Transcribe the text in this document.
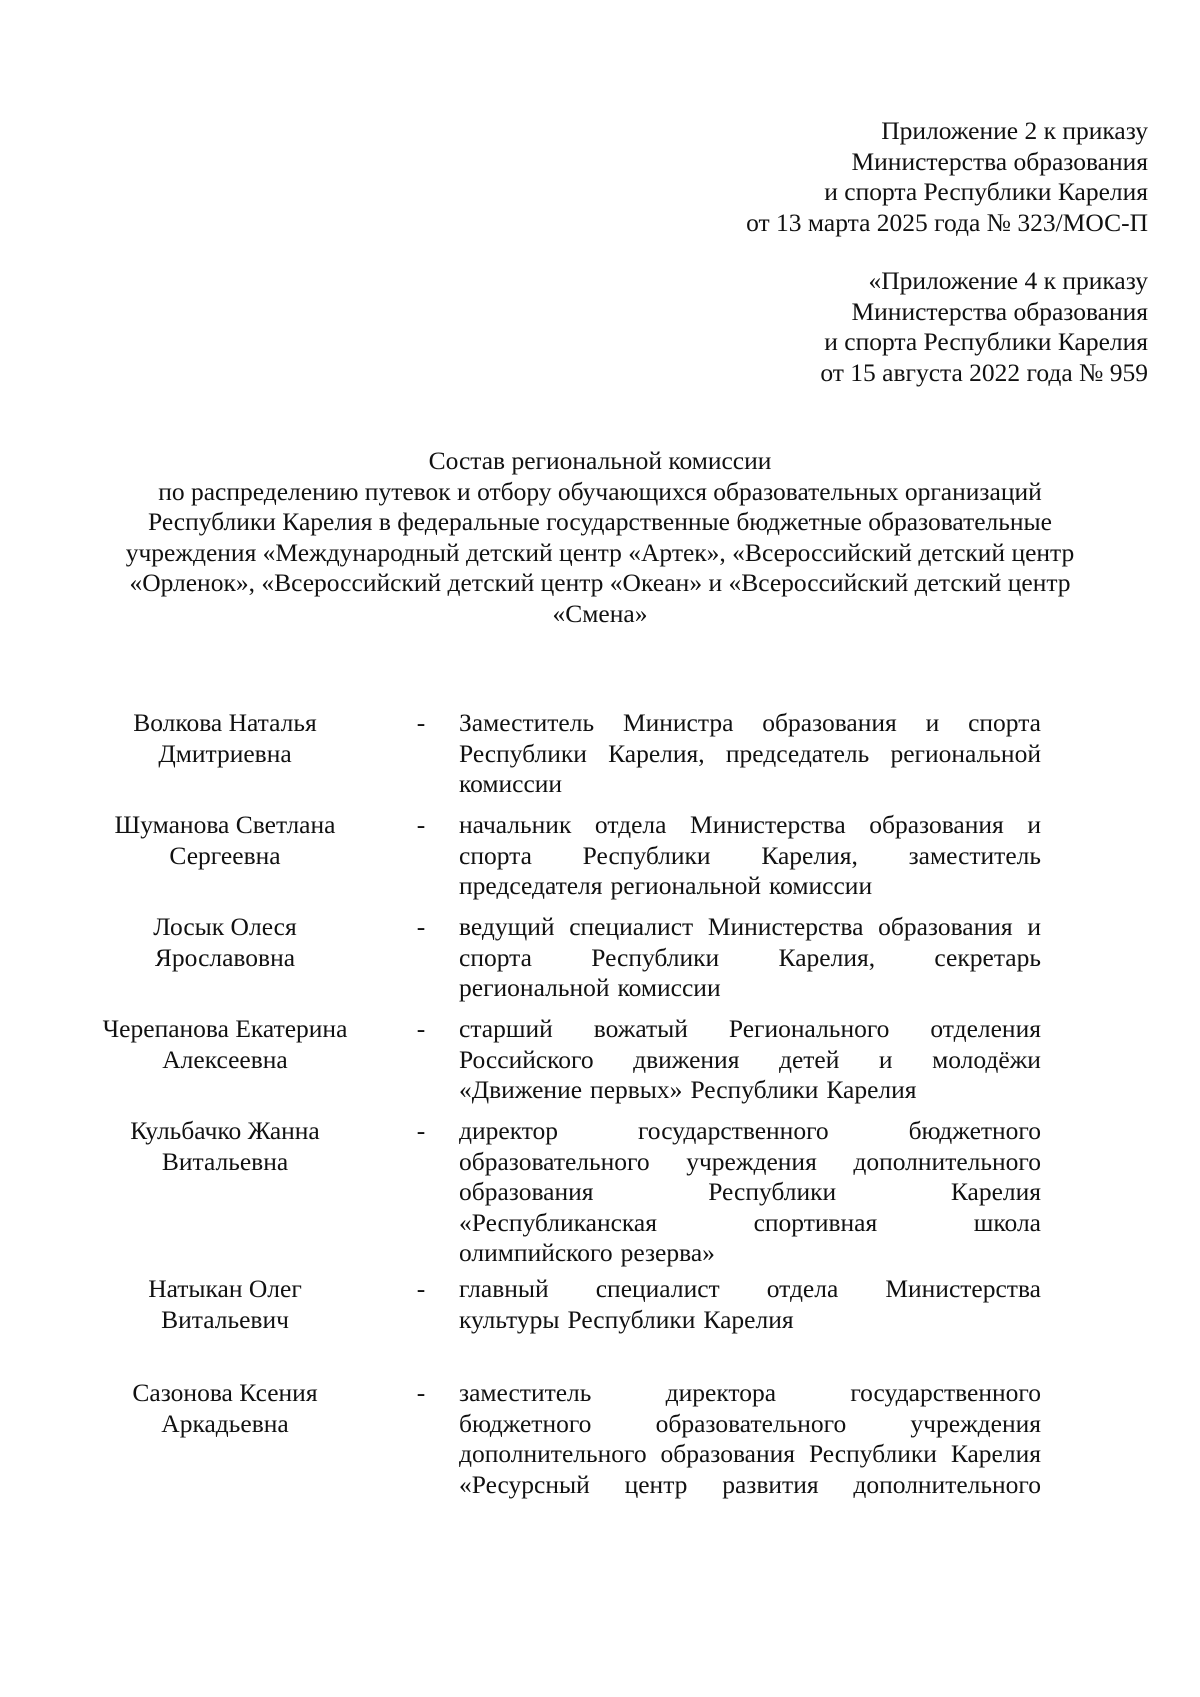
Приложение 2 к приказу
Министерства образования
и спорта Республики Карелия
от 13 марта 2025 года № 323/МОС-П
«Приложение 4 к приказу
Министерства образования
и спорта Республики Карелия
от 15 августа 2022 года № 959
Состав региональной комиссии
по распределению путевок и отбору обучающихся образовательных организаций
Республики Карелия в федеральные государственные бюджетные образовательные
учреждения «Международный детский центр «Артек», «Всероссийский детский центр
«Орленок», «Всероссийский детский центр «Океан» и «Всероссийский детский центр
«Смена»
Волкова Наталья
Дмитриевна
- Заместитель Министра образования и спорта
Республики Карелия, председатель региональной
комиссии
Шуманова Светлана
Сергеевна
- начальник отдела Министерства образования и
спорта Республики Карелия, заместитель
председателя региональной комиссии
Лосык Олеся
Ярославовна
- ведущий специалист Министерства образования и
спорта Республики Карелия, секретарь
региональной комиссии
Черепанова Екатерина
Алексеевна
- старший вожатый Регионального отделения
Российского движения детей и молодёжи
«Движение первых» Республики Карелия
Кульбачко Жанна
Витальевна
- директор	государственного	бюджетного
образовательного учреждения дополнительного
образования	Республики	Карелия
«Республиканская	спортивная	школа
олимпийского резерва»
Натыкан Олег
Витальевич
- главный специалист отдела Министерства
культуры Республики Карелия
Сазонова Ксения
Аркадьевна
- заместитель	директора	государственного
бюджетного	образовательного	учреждения
дополнительного образования Республики Карелия
«Ресурсный центр развития дополнительного
